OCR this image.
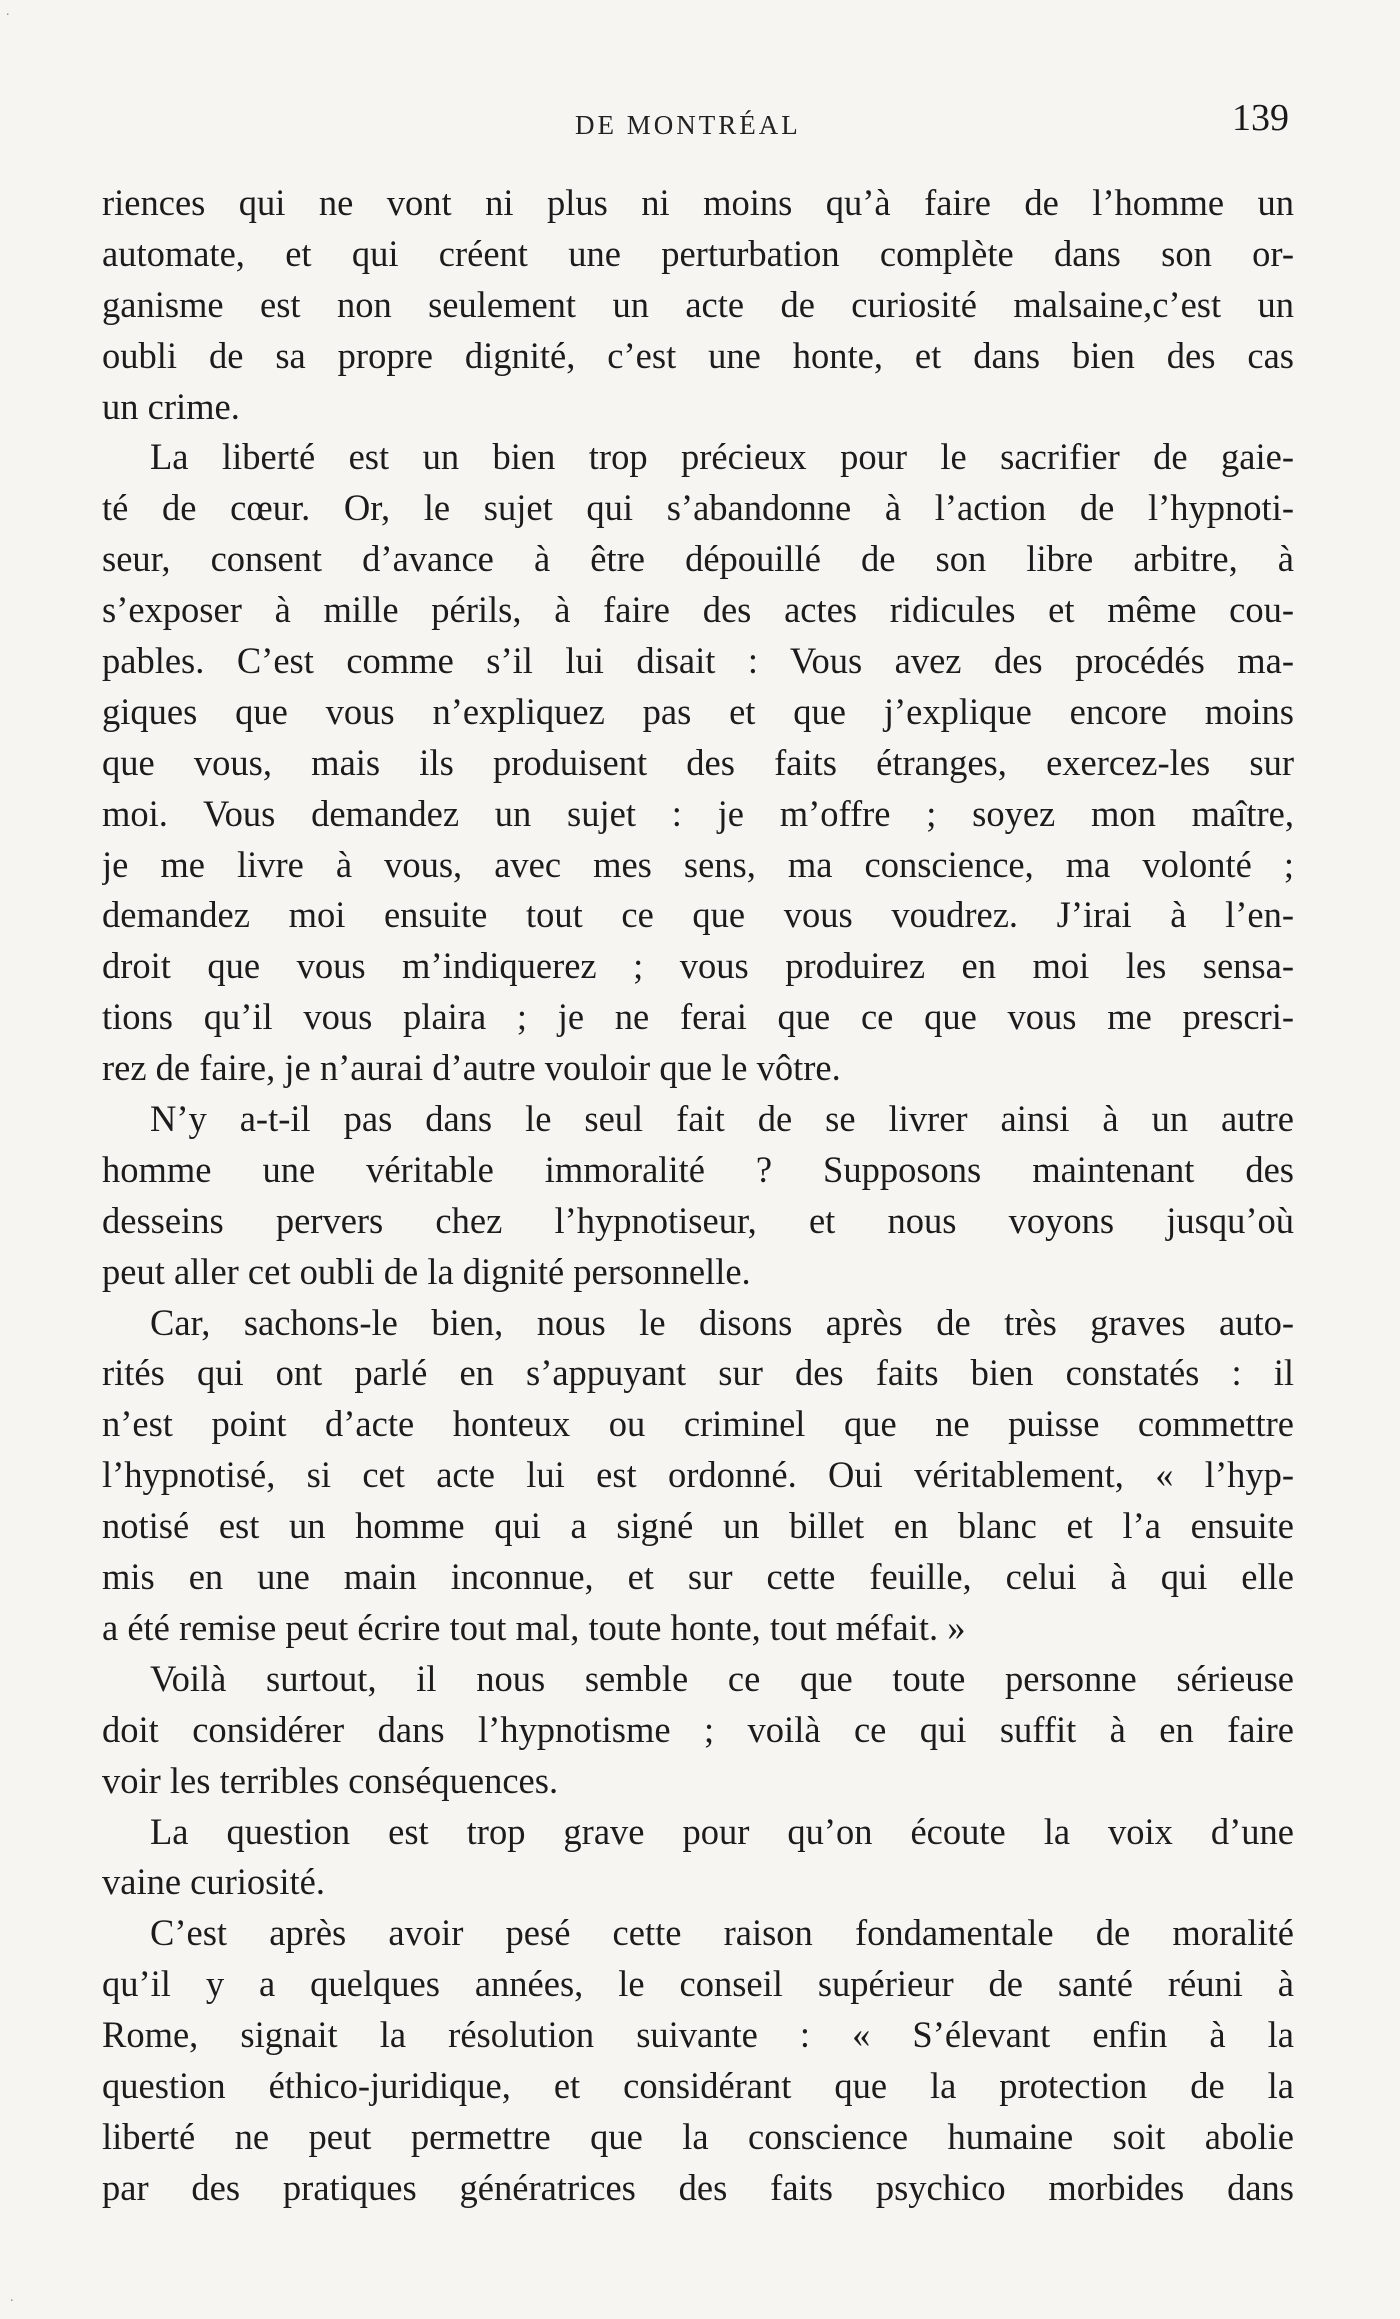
.
.
DE MONTRÉAL	139
riences qui ne vont ni plus ni moins qu’à faire de l’homme un
automate, et qui créent une perturbation complète dans son or-
ganisme est non seulement un acte de curiosité malsaine,c’est un
oubli de sa propre dignité, c’est une honte, et dans bien des cas
un crime.
La liberté est un bien trop précieux pour le sacrifier de gaie-
té de cœur. Or, le sujet qui s’abandonne à l’action de l’hypnoti-
seur, consent d’avance à être dépouillé de son libre arbitre, à
s’exposer à mille périls, à faire des actes ridicules et même cou-
pables. C’est comme s’il lui disait : Vous avez des procédés ma-
giques que vous n’expliquez pas et que j’explique encore moins
que vous, mais ils produisent des faits étranges, exercez-les sur
moi. Vous demandez un sujet : je m’offre ; soyez mon maître,
je me livre à vous, avec mes sens, ma conscience, ma volonté ;
demandez moi ensuite tout ce que vous voudrez. J’irai à l’en-
droit que vous m’indiquerez ; vous produirez en moi les sensa-
tions qu’il vous plaira ; je ne ferai que ce que vous me prescri-
rez de faire, je n’aurai d’autre vouloir que le vôtre.
N’y a-t-il pas dans le seul fait de se livrer ainsi à un autre
homme une véritable immoralité ? Supposons maintenant des
desseins pervers chez l’hypnotiseur, et nous voyons jusqu’où
peut aller cet oubli de la dignité personnelle.
Car, sachons-le bien, nous le disons après de très graves auto-
rités qui ont parlé en s’appuyant sur des faits bien constatés : il
n’est point d’acte honteux ou criminel que ne puisse commettre
l’hypnotisé, si cet acte lui est ordonné. Oui véritablement, « l’hyp-
notisé est un homme qui a signé un billet en blanc et l’a ensuite
mis en une main inconnue, et sur cette feuille, celui à qui elle
a été remise peut écrire tout mal, toute honte, tout méfait. »
Voilà surtout, il nous semble ce que toute personne sérieuse
doit considérer dans l’hypnotisme ; voilà ce qui suffit à en faire
voir les terribles conséquences.
La question est trop grave pour qu’on écoute la voix d’une
vaine curiosité.
C’est après avoir pesé cette raison fondamentale de moralité
qu’il y a quelques années, le conseil supérieur de santé réuni à
Rome, signait la résolution suivante : « S’élevant enfin à la
question éthico-juridique, et considérant que la protection de la
liberté ne peut permettre que la conscience humaine soit abolie
par des pratiques génératrices des faits psychico morbides dans
